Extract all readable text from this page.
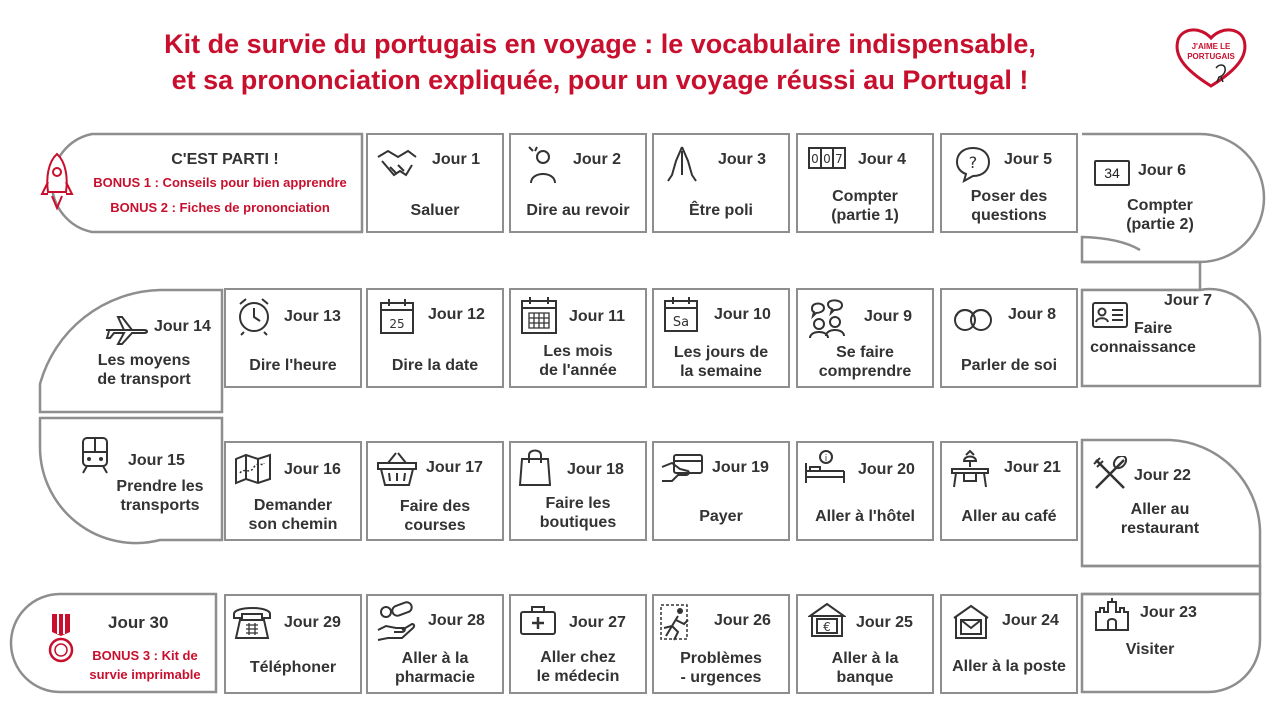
Kit de survie du portugais en voyage : le vocabulaire indispensable,
et sa prononciation expliquée, pour un voyage réussi au Portugal !
J'AIME LE
PORTUGAIS
C'EST PARTI !
BONUS 1 : Conseils pour bien apprendre
BONUS 2 : Fiches de prononciation
Jour 1
Saluer
Jour 2
Dire au revoir
Jour 3
Être poli
0 0 7 Jour 4
Compter
(partie 1)
? Jour 5
Poser des
questions
34	Jour 6
Compter
(partie 2)
Jour 7
Faire
connaissance
Jour 8
Parler de soi
Jour 9
Se faire
comprendre
Sa Jour 10
Les jours de
la semaine
Jour 11
Les mois
de l'année
25
Jour 12
Dire la date
Jour 13
Dire l'heure
Jour 14
Les moyens
de transport
Jour 15
Prendre les
transports
Jour 16
Demander
son chemin
Jour 17
Faire des
courses
Jour 18
Faire les
boutiques
Jour 19
Payer
i
Jour 20
Aller à l'hôtel
Jour 21
Aller au café
Jour 22
Aller au
restaurant
Jour 23
Visiter
Jour 24
Aller à la poste
€ Jour 25
Aller à la
banque
Jour 26
Problèmes
- urgences
Jour 27
Aller chez
le médecin
Jour 28
Aller à la
pharmacie
Jour 29
Téléphoner
Jour 30
BONUS 3 : Kit de
survie imprimable
